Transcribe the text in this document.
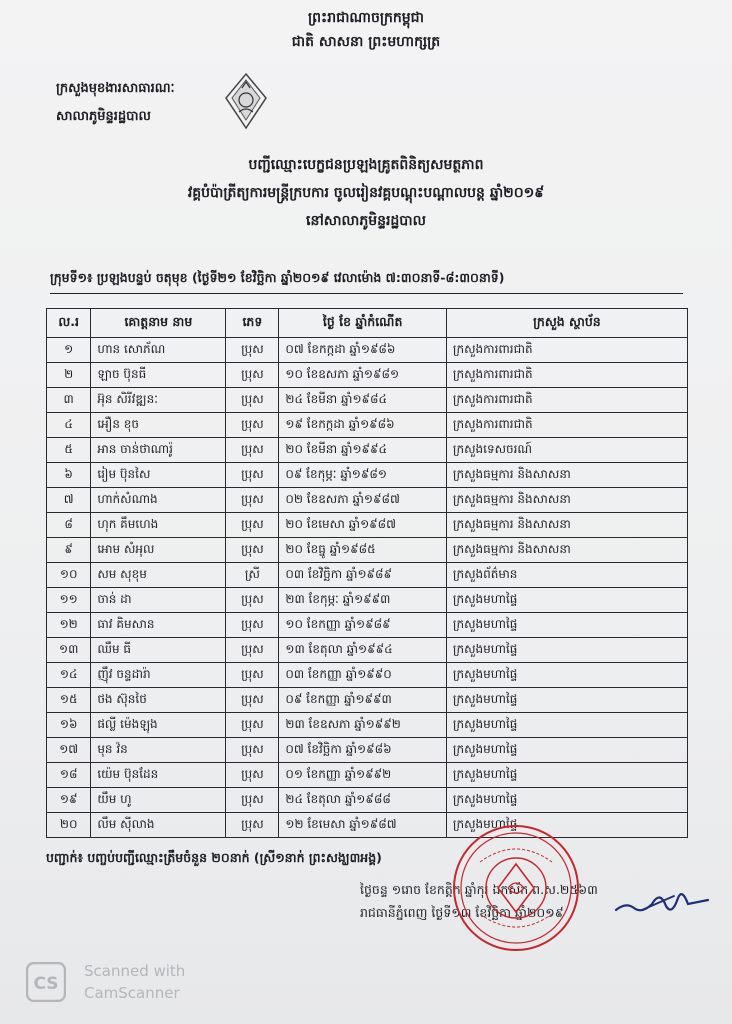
ព្រះរាជាណាចក្រកម្ពុជា
ជាតិ សាសនា ព្រះមហាក្សត្រ
ក្រសួងមុខងារសាធារណៈ
សាលាភូមិន្ទរដ្ឋបាល
បញ្ជីឈ្មោះបេក្ខជនប្រឡងគ្រូតពិនិត្យសមត្ថភាព
វគ្គបំប៉ាត្រីត្យការមន្ត្រីក្របការ ចូលរៀនវគ្គបណ្ដុះបណ្ដាលបន្ត ឆ្នាំ២០១៩
នៅសាលាភូមិន្ទរដ្ឋបាល
ក្រុមទី១៖ ប្រឡងបន្ទប់ ចតុមុខ (ថ្ងៃទី២១ ខែវិច្ឆិកា ឆ្នាំ២០១៩ វេលាម៉ោង ៧:៣០នាទី-៨:៣០នាទី)
ល.រ	គោត្តនាម នាម	ភេទ	ថ្ងៃ ខែ ឆ្នាំកំណើត	ក្រសួង ស្ថាប័ន
១	ហាន សោភ័ណ	ប្រុស	០៧ ខែកក្កដា ឆ្នាំ១៩៨៦	ក្រសួងការពារជាតិ
២	ឡាច ប៊ុនធី	ប្រុស	១០ ខែឧសភា ឆ្នាំ១៩៨១	ក្រសួងការពារជាតិ
៣	អ៊ុន សិរីវឌ្ឍនៈ	ប្រុស	២៤ ខែមីនា ឆ្នាំ១៩៨៤	ក្រសួងការពារជាតិ
៤	អឿន ខុច	ប្រុស	១៩ ខែកក្កដា ឆ្នាំ១៩៨៦	ក្រសួងការពារជាតិ
៥	អាន ចាន់ថាណារ៉ូ	ប្រុស	២០ ខែមីនា ឆ្នាំ១៩៩៤	ក្រសួងទេសចរណ៍
៦	រៀម ប៊ុនសៃ	ប្រុស	០៩ ខែកុម្ភៈ ឆ្នាំ១៩៨១	ក្រសួងធម្មការ និងសាសនា
៧	ហាក់សំណាង	ប្រុស	០២ ខែឧសភា ឆ្នាំ១៩៨៧	ក្រសួងធម្មការ និងសាសនា
៨	ហុក គឹមហេង	ប្រុស	២០ ខែមេសា ឆ្នាំ១៩៨៧	ក្រសួងធម្មការ និងសាសនា
៩	អោម សំអុល	ប្រុស	២០ ខែធ្នូ ឆ្នាំ១៩៨៥	ក្រសួងធម្មការ និងសាសនា
១០	សម សុខុម	ស្រី	០៣ ខែវិច្ឆិកា ឆ្នាំ១៩៨៩	ក្រសួងព័ត៌មាន
១១	ចាន់ ដា	ប្រុស	២៣ ខែកុម្ភៈ ឆ្នាំ១៩៩៣	ក្រសួងមហាផ្ទៃ
១២	ធាវ គិមសាន	ប្រុស	១០ ខែកញ្ញា ឆ្នាំ១៩៨៩	ក្រសួងមហាផ្ទៃ
១៣	ឈឹម ធី	ប្រុស	១៣ ខែតុលា ឆ្នាំ១៩៩៤	ក្រសួងមហាផ្ទៃ
១៤	ញ៉ឹវ ចន្ទដារ៉ា	ប្រុស	០៣ ខែកញ្ញា ឆ្នាំ១៩៩០	ក្រសួងមហាផ្ទៃ
១៥	ថង ស៊ុនថៃ	ប្រុស	០៩ ខែកញ្ញា ឆ្នាំ១៩៩៣	ក្រសួងមហាផ្ទៃ
១៦	ផល្លី ម៉េងឡុង	ប្រុស	២៣ ខែឧសភា ឆ្នាំ១៩៩២	ក្រសួងមហាផ្ទៃ
១៧	មុន វ៉ន	ប្រុស	០៧ ខែវិច្ឆិកា ឆ្នាំ១៩៨៦	ក្រសួងមហាផ្ទៃ
១៨	យ៉េម ប៊ុនដែន	ប្រុស	០១ ខែកញ្ញា ឆ្នាំ១៩៩២	ក្រសួងមហាផ្ទៃ
១៩	យឹម ហូ	ប្រុស	២៤ ខែតុលា ឆ្នាំ១៩៨៨	ក្រសួងមហាផ្ទៃ
២០	លឹម ស៊ីលាង	ប្រុស	១២ ខែមេសា ឆ្នាំ១៩៨៧	ក្រសួងមហាផ្ទៃ
បញ្ជាក់៖ បញ្ចប់បញ្ជីឈ្មោះត្រឹមចំនួន ២០នាក់ (ស្រី១នាក់ ព្រះសង្ឃ៣អង្គ)
ថ្ងៃចន្ទ ១រោច ខែកត្តិក ឆ្នាំកុរ ឯកស័ក ព.ស.២៥៦៣
រាជធានីភ្នំពេញ ថ្ងៃទី១៣ ខែវិច្ឆិកា ឆ្នាំ២០១៩
CS
Scanned with
CamScanner
